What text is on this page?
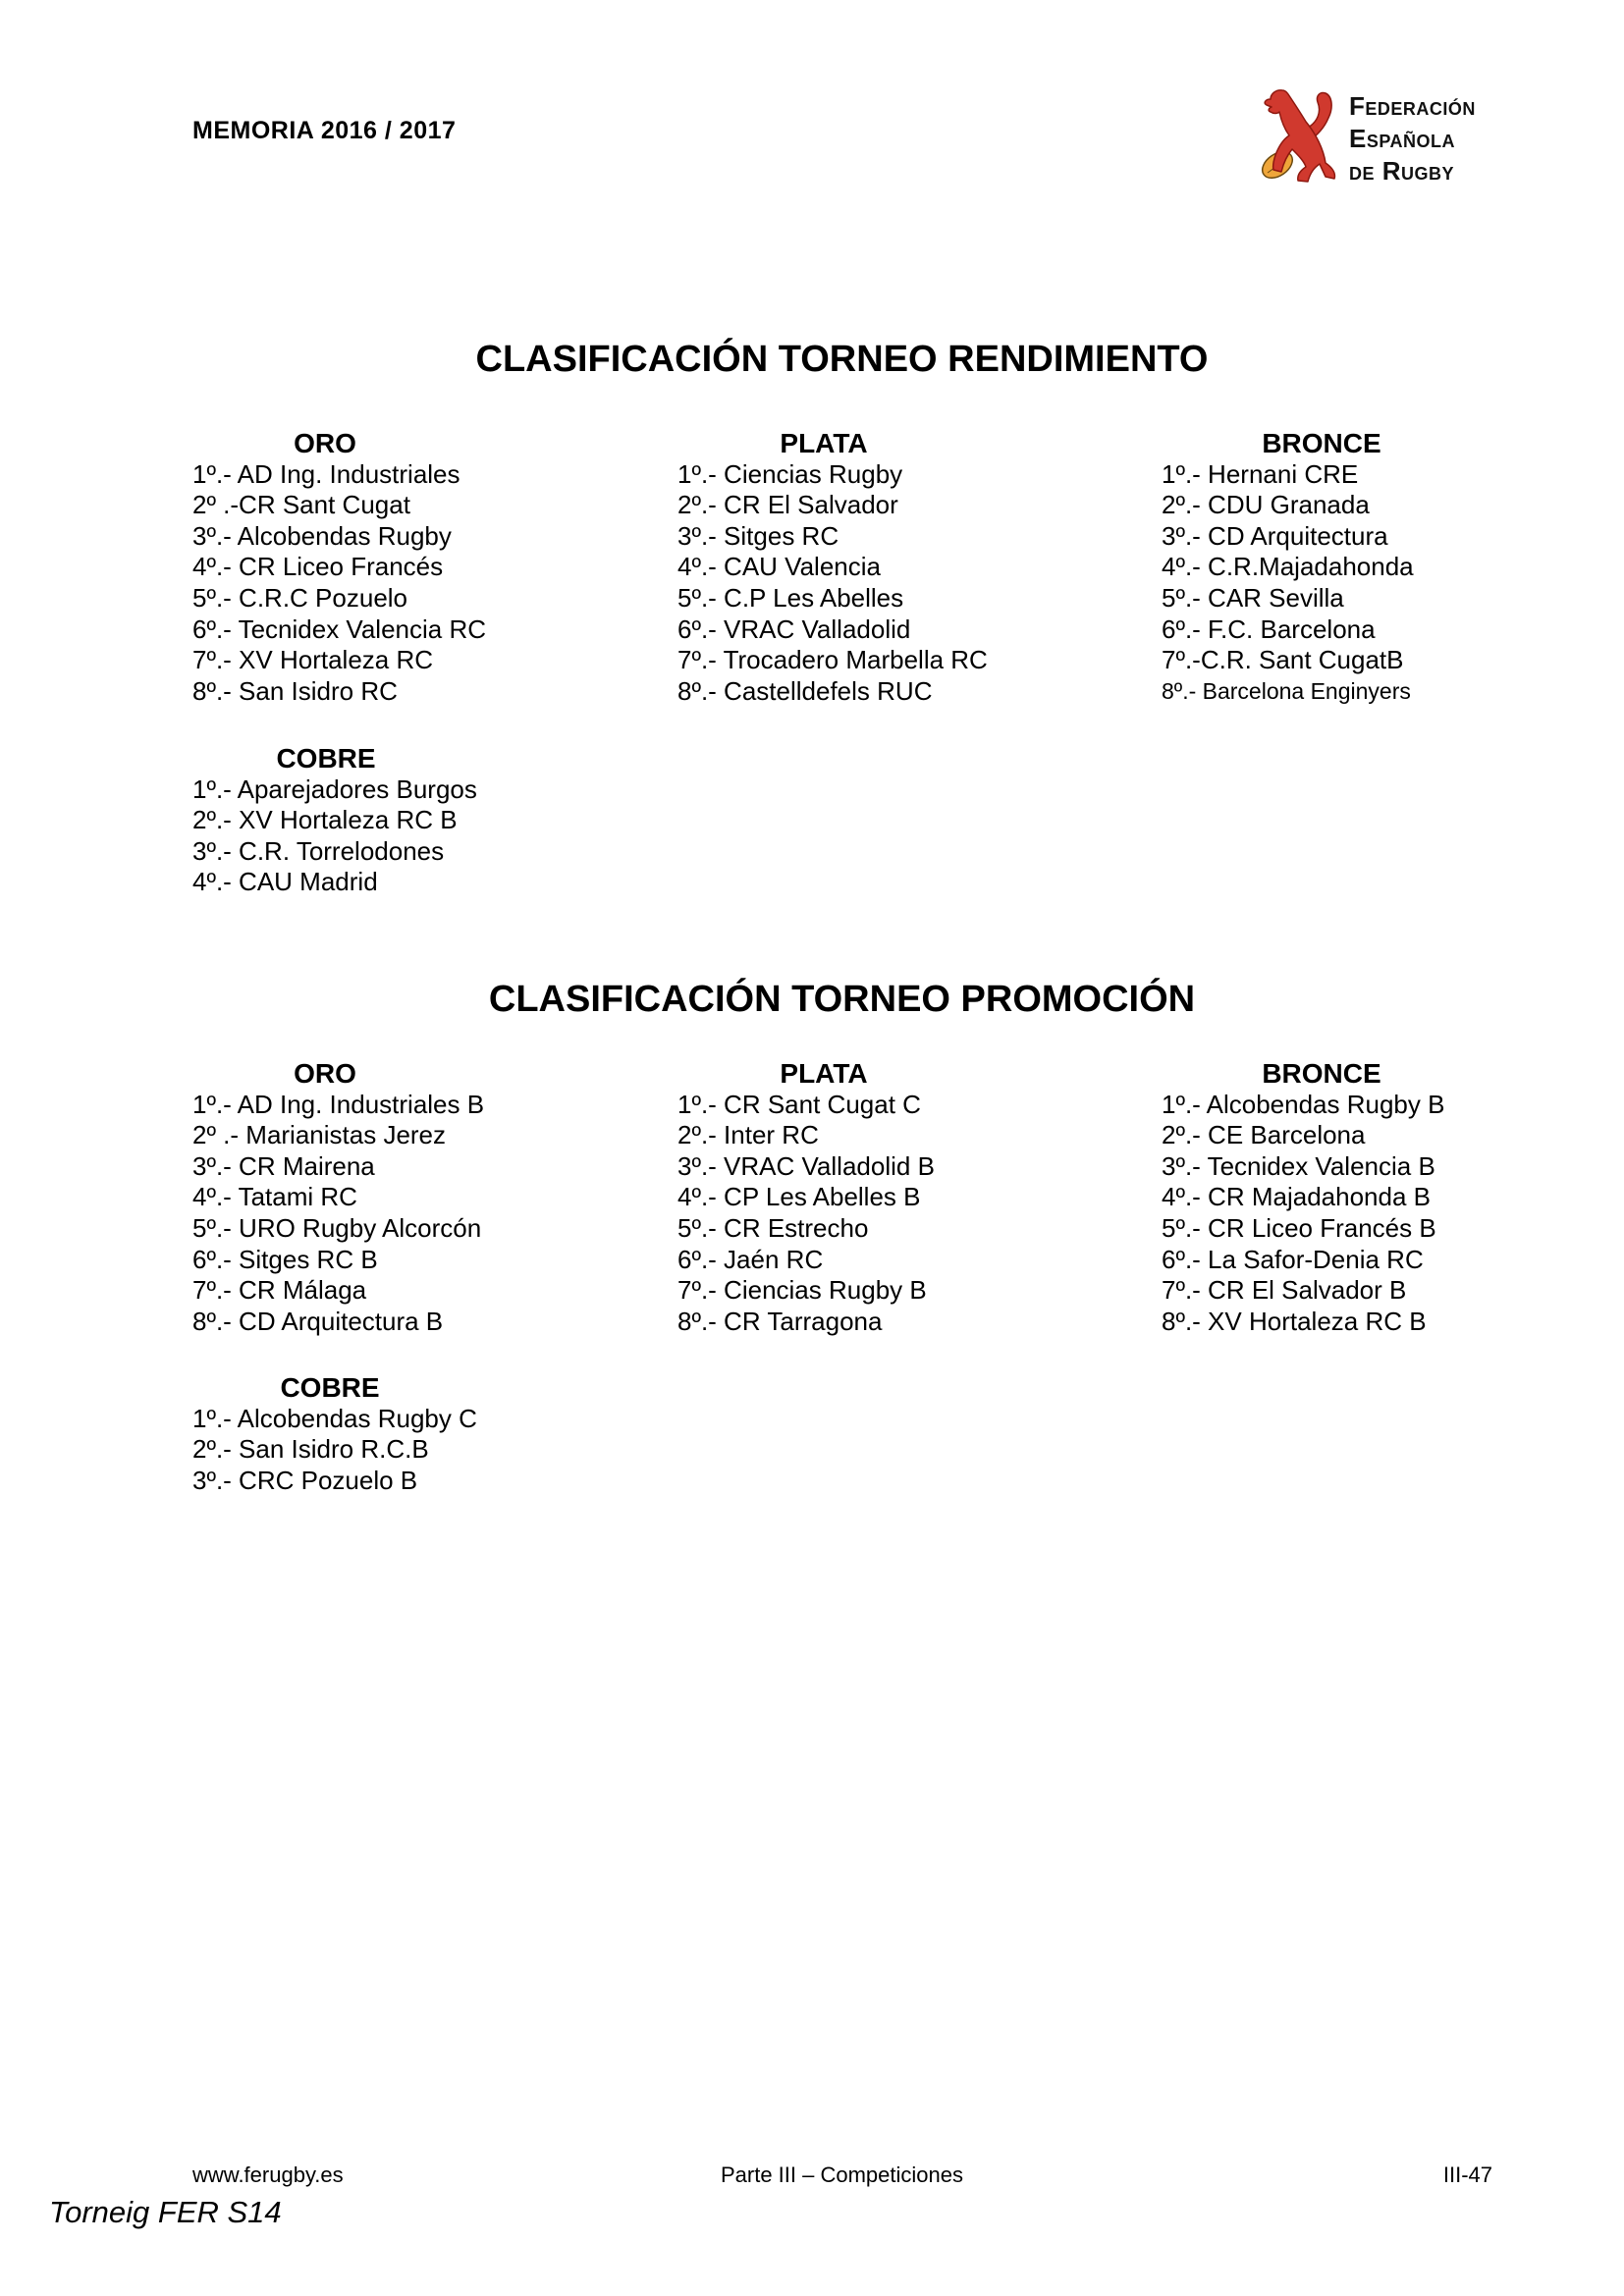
MEMORIA 2016 / 2017
Federación
Española
de Rugby
CLASIFICACIÓN TORNEO RENDIMIENTO
ORO
1º.- AD Ing. Industriales
2º .-CR Sant Cugat
3º.- Alcobendas Rugby
4º.- CR Liceo Francés
5º.- C.R.C Pozuelo
6º.- Tecnidex Valencia RC
7º.- XV Hortaleza RC
8º.- San Isidro RC
PLATA
1º.- Ciencias Rugby
2º.- CR El Salvador
3º.- Sitges RC
4º.- CAU Valencia
5º.- C.P Les Abelles
6º.- VRAC Valladolid
7º.- Trocadero Marbella RC
8º.- Castelldefels RUC
BRONCE
1º.- Hernani CRE
2º.- CDU Granada
3º.- CD Arquitectura
4º.- C.R.Majadahonda
5º.- CAR Sevilla
6º.- F.C. Barcelona
7º.-C.R. Sant CugatB
8º.- Barcelona Enginyers
COBRE
1º.- Aparejadores Burgos
2º.- XV Hortaleza RC B
3º.- C.R. Torrelodones
4º.- CAU Madrid
CLASIFICACIÓN TORNEO PROMOCIÓN
ORO
1º.- AD Ing. Industriales B
2º .- Marianistas Jerez
3º.- CR Mairena
4º.- Tatami RC
5º.- URO Rugby Alcorcón
6º.- Sitges RC B
7º.- CR Málaga
8º.- CD Arquitectura B
PLATA
1º.- CR Sant Cugat C
2º.- Inter RC
3º.- VRAC Valladolid B
4º.- CP Les Abelles B
5º.- CR Estrecho
6º.- Jaén RC
7º.- Ciencias Rugby B
8º.- CR Tarragona
BRONCE
1º.- Alcobendas Rugby B
2º.- CE Barcelona
3º.- Tecnidex Valencia B
4º.- CR Majadahonda B
5º.- CR Liceo Francés B
6º.- La Safor-Denia RC
7º.- CR El Salvador B
8º.- XV Hortaleza RC B
COBRE
1º.- Alcobendas Rugby C
2º.- San Isidro R.C.B
3º.- CRC Pozuelo B
www.ferugby.es	Parte III – Competiciones	III-47
Torneig FER S14
